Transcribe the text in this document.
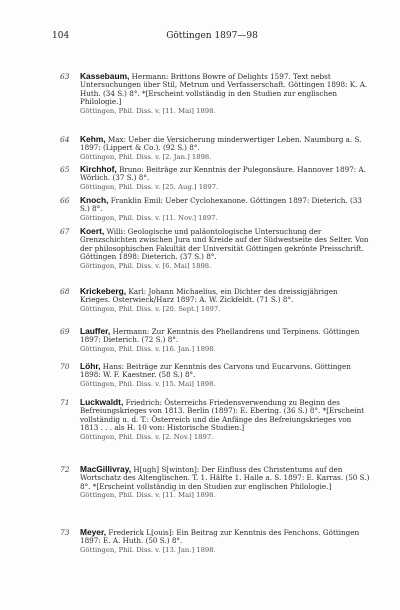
104	Göttingen 1897—98
63	Kassebaum, Hermann: Brittons Bowre of Delights 1597. Text nebst Untersuchungen über Stil, Metrum und Verfasserschaft. Göttingen 1898: K. A. Huth. (34 S.) 8°. *[Erscheint vollständig in den Studien zur englischen Philologie.]
Göttingen, Phil. Diss. v. [11. Mai] 1898.
64	Kehm, Max: Ueber die Versicherung minderwertiger Leben. Naumburg a. S. 1897: (Lippert & Co.). (92 S.) 8°.
Göttingen, Phil. Diss. v. [2. Jan.] 1898.
65	Kirchhof, Bruno: Beiträge zur Kenntnis der Pulegonsäure. Hannover 1897: A. Wörlich. (37 S.) 8°.
Göttingen, Phil. Diss. v. [25. Aug.] 1897.
66	Knoch, Franklin Emil: Ueber Cyclohexanone. Göttingen 1897: Dieterich. (33 S.) 8°.
Göttingen, Phil. Diss. v. [11. Nov.] 1897.
67	Koert, Willi: Geologische und paläontologische Untersuchung der Grenzschichten zwischen Jura und Kreide auf der Südwestseite des Selter. Von der philosophischen Fakultät der Universität Göttingen gekrönte Preisschrift. Göttingen 1898: Dieterich. (37 S.) 8°.
Göttingen, Phil. Diss. v. [6. Mai] 1898.
68	Krickeberg, Karl: Johann Michaelius, ein Dichter des dreissigjährigen Krieges. Osterwieck/Harz 1897: A. W. Zickfeldt. (71 S.) 8°.
Göttingen, Phil. Diss. v. [20. Sept.] 1897.
69	Lauffer, Hermann: Zur Kenntnis des Phellandrens und Terpinens. Göttingen 1897: Dieterich. (72 S.) 8°.
Göttingen, Phil. Diss. v. [16. Jan.] 1898.
70	Löhr, Hans: Beiträge zur Kenntnis des Carvons und Eucarvons. Göttingen 1898: W. F. Kaestner. (58 S.) 8°.
Göttingen, Phil. Diss. v. [15. Mai] 1898.
71	Luckwaldt, Friedrich: Österreichs Friedensverwendung zu Beginn des Befreiungskrieges von 1813. Berlin (1897): E. Ebering. (36 S.) 8°. *[Erscheint vollständig u. d. T.: Österreich und die Anfänge des Befreiungskrieges von 1813 . . . als H. 10 von: Historische Studien.]
Göttingen, Phil. Diss. v. [2. Nov.] 1897.
72	MacGillivray, H[ugh] S[winton]: Der Einfluss des Christentums auf den Wortschatz des Altenglischen. T. 1. Hälfte 1. Halle a. S. 1897: E. Karras. (50 S.) 8°. *[Erscheint vollständig in den Studien zur englischen Philologie.]
Göttingen, Phil. Diss. v. [11. Mai] 1898.
73	Meyer, Frederick L[ouis]: Ein Beitrag zur Kenntnis des Fenchons. Göttingen 1897: E. A. Huth. (50 S.) 8°.
Göttingen, Phil. Diss. v. [13. Jan.] 1898.
